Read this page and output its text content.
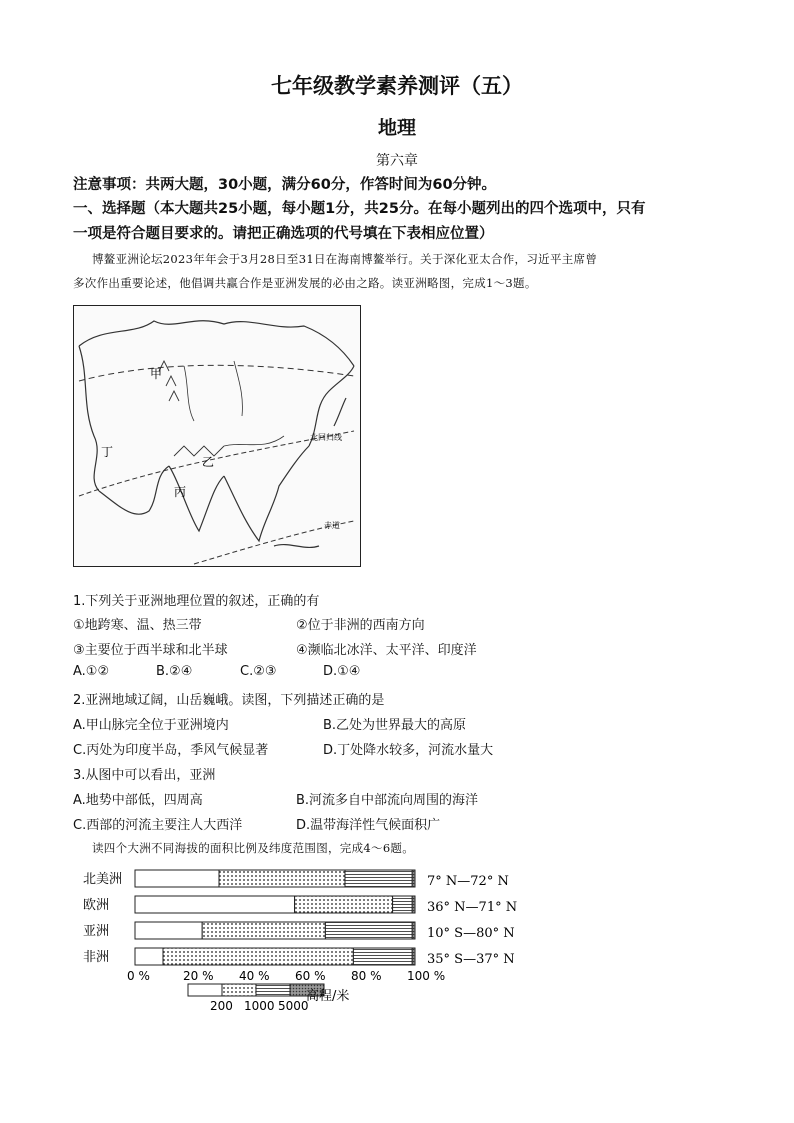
七年级教学素养测评（五）
地理
第六章
注意事项：共两大题，30小题，满分60分，作答时间为60分钟。
一、选择题（本大题共25小题，每小题1分，共25分。在每小题列出的四个选项中，只有
一项是符合题目要求的。请把正确选项的代号填在下表相应位置）
博鳌亚洲论坛2023年年会于3月28日至31日在海南博鳌举行。关于深化亚太合作，习近平主席曾
多次作出重要论述，他倡调共赢合作是亚洲发展的必由之路。读亚洲略图，完成1～3题。
甲
乙
丙
丁
北回归线
赤道
1.下列关于亚洲地理位置的叙述，正确的有
①地跨寒、温、热三带	②位于非洲的西南方向
③主要位于西半球和北半球	④濒临北冰洋、太平洋、印度洋
A.①②	B.②④	C.②③	D.①④
2.亚洲地域辽阔，山岳巍峨。读图，下列描述正确的是
A.甲山脉完全位于亚洲境内	B.乙处为世界最大的高原
C.丙处为印度半岛，季风气候显著	D.丁处降水较多，河流水量大
3.从图中可以看出，亚洲
A.地势中部低，四周高	B.河流多自中部流向周围的海洋
C.西部的河流主要注人大西洋	D.温带海洋性气候面积广
读四个大洲不同海拔的面积比例及纬度范围图，完成4～6题。
北美洲	7° N—72° N
欧洲	36° N—71° N
亚洲	10° S—80° N
非洲	35° S—37° N
0 %	20 % 40 % 60 % 80 % 100 %
200 1000 5000
高程/米
